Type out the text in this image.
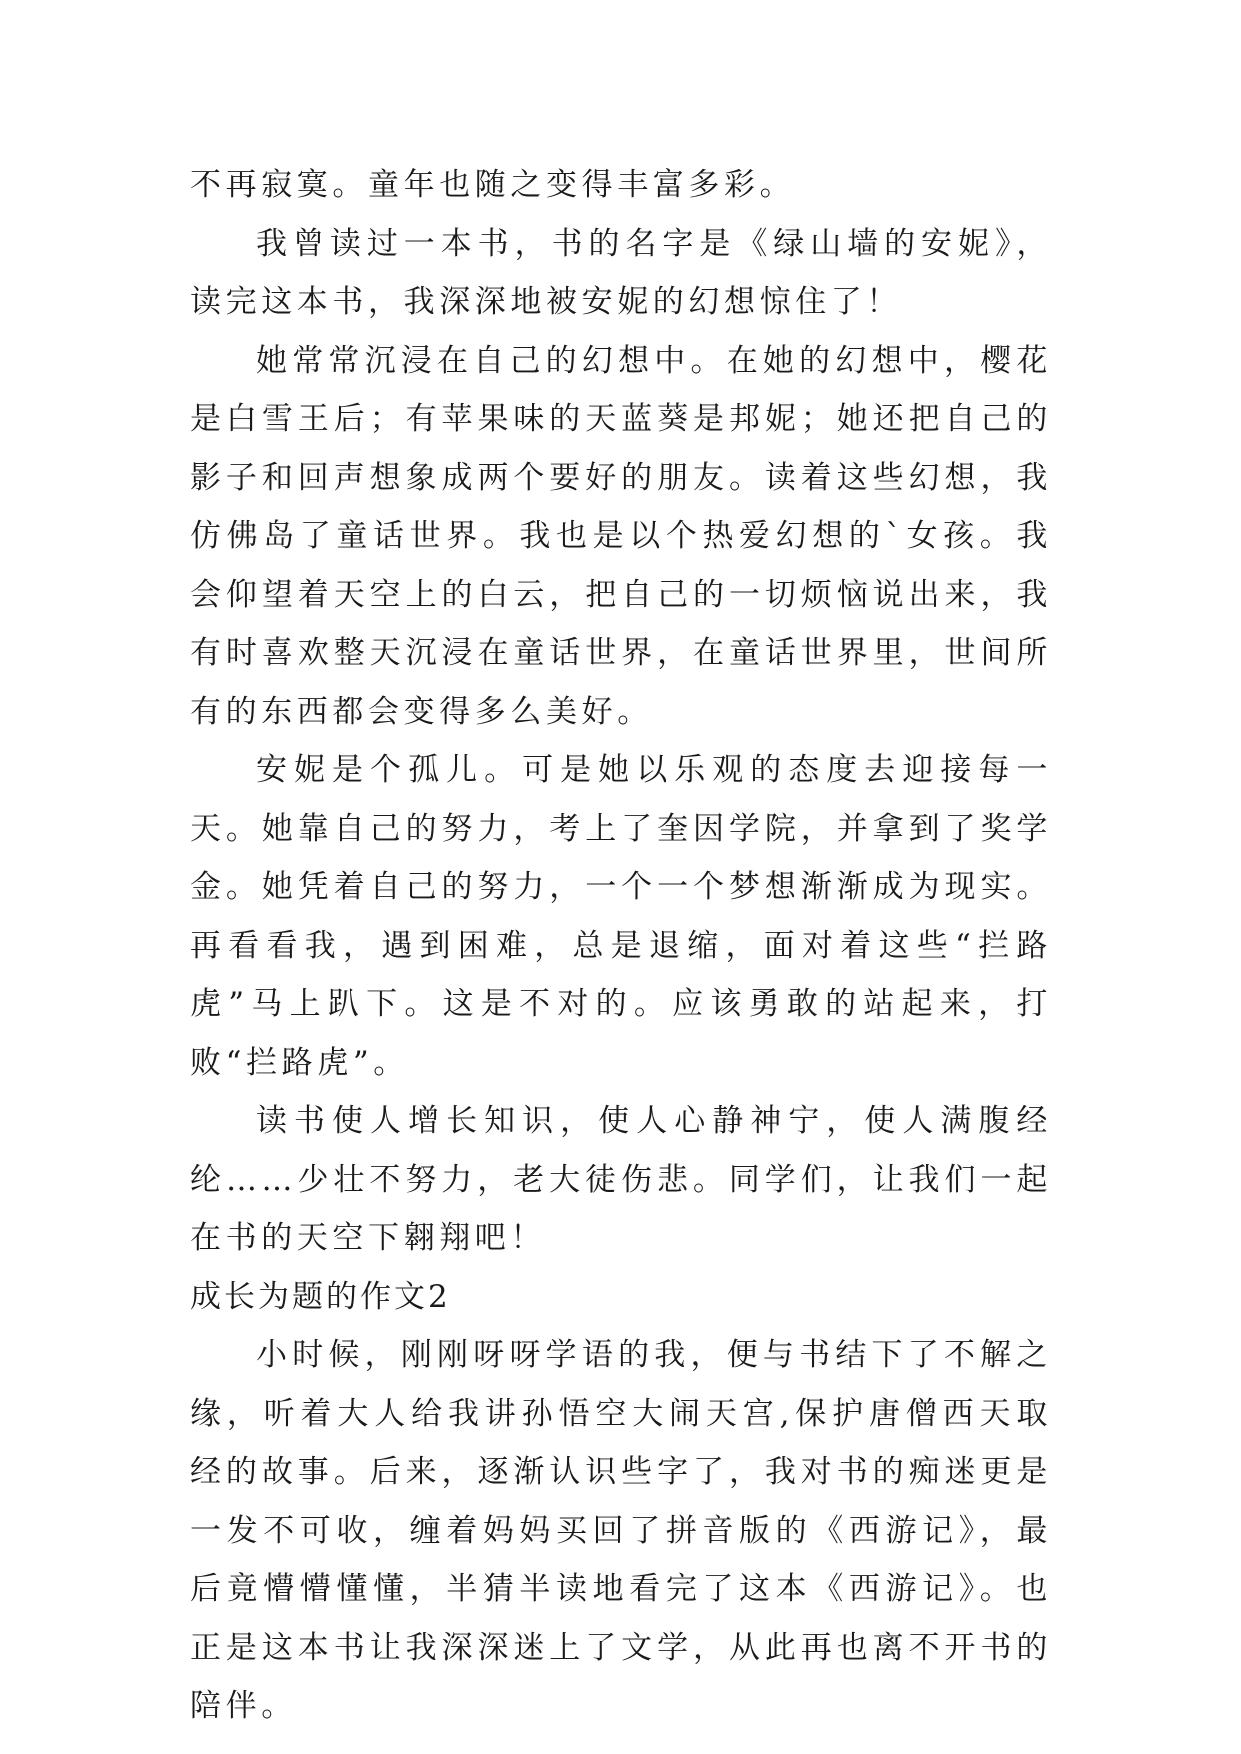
不再寂寞。童年也随之变得丰富多彩。

我曾读过一本书，书的名字是《绿山墙的安妮》，读完这本书，我深深地被安妮的幻想惊住了！

她常常沉浸在自己的幻想中。在她的幻想中，樱花是白雪王后；有苹果味的天蓝葵是邦妮；她还把自己的影子和回声想象成两个要好的朋友。读着这些幻想，我仿佛岛了童话世界。我也是以个热爱幻想的`女孩。我会仰望着天空上的白云，把自己的一切烦恼说出来，我有时喜欢整天沉浸在童话世界，在童话世界里，世间所有的东西都会变得多么美好。

安妮是个孤儿。可是她以乐观的态度去迎接每一天。她靠自己的努力，考上了奎因学院，并拿到了奖学金。她凭着自己的努力，一个一个梦想渐渐成为现实。再看看我，遇到困难，总是退缩，面对着这些“拦路虎”马上趴下。这是不对的。应该勇敢的站起来，打败“拦路虎”。

读书使人增长知识，使人心静神宁，使人满腹经纶……少壮不努力，老大徒伤悲。同学们，让我们一起在书的天空下翱翔吧！

成长为题的作文2

小时候，刚刚呀呀学语的我，便与书结下了不解之缘，听着大人给我讲孙悟空大闹天宫,保护唐僧西天取经的故事。后来，逐渐认识些字了，我对书的痴迷更是一发不可收，缠着妈妈买回了拼音版的《西游记》，最后竟懵懵懂懂，半猜半读地看完了这本《西游记》。也正是这本书让我深深迷上了文学，从此再也离不开书的陪伴。
